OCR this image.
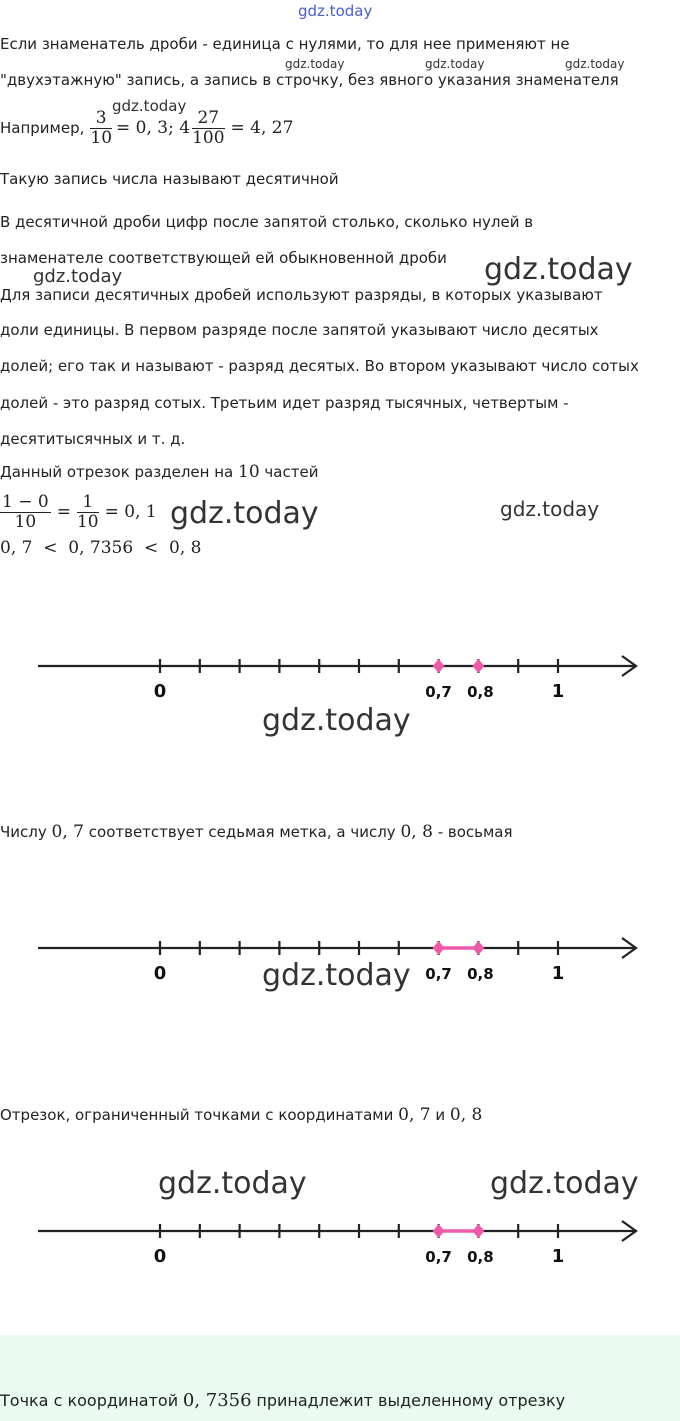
gdz.today
Если знаменатель дроби - единица с нулями, то для нее применяют не
gdz.today	gdz.today	gdz.today
"двухэтажную" запись, а запись в строчку, без явного указания знаменателя
gdz.today
Например, $\frac{3}{10} = 0$, 3; $4 \frac{27}{100} = 4$, 27
Такую запись числа называют десятичной
В десятичной дроби цифр после запятой столько, сколько нулей в
знаменателе соответствующей ей обыкновенной дроби gdz.today
gdz.today
Для записи десятичных дробей используют разряды, в которых указывают
доли единицы. В первом разряде после запятой указывают число десятых
долей; его так и называют - разряд десятых. Во втором указывают число сотых
долей - это разряд сотых. Третьим идет разряд тысячных, четвертым -
десятитысячных и т. д.
Данный отрезок разделен на 10 частей
$\frac{1 - 0}{10} = \frac{1}{10} = 0$, 1 gdz.today	gdz.today
0, 7  <  0, 7356  <  0, 8
0	0,7 0,8	1
gdz.today
Числу 0, 7 соответствует седьмая метка, а числу 0, 8 - восьмая
0	0,7 0,8	1
gdz.today
Отрезок, ограниченный точками с координатами 0, 7 и 0, 8
gdz.today	gdz.today
0	0,7 0,8	1
Точка с координатой 0, 7356 принадлежит выделенному отрезку
